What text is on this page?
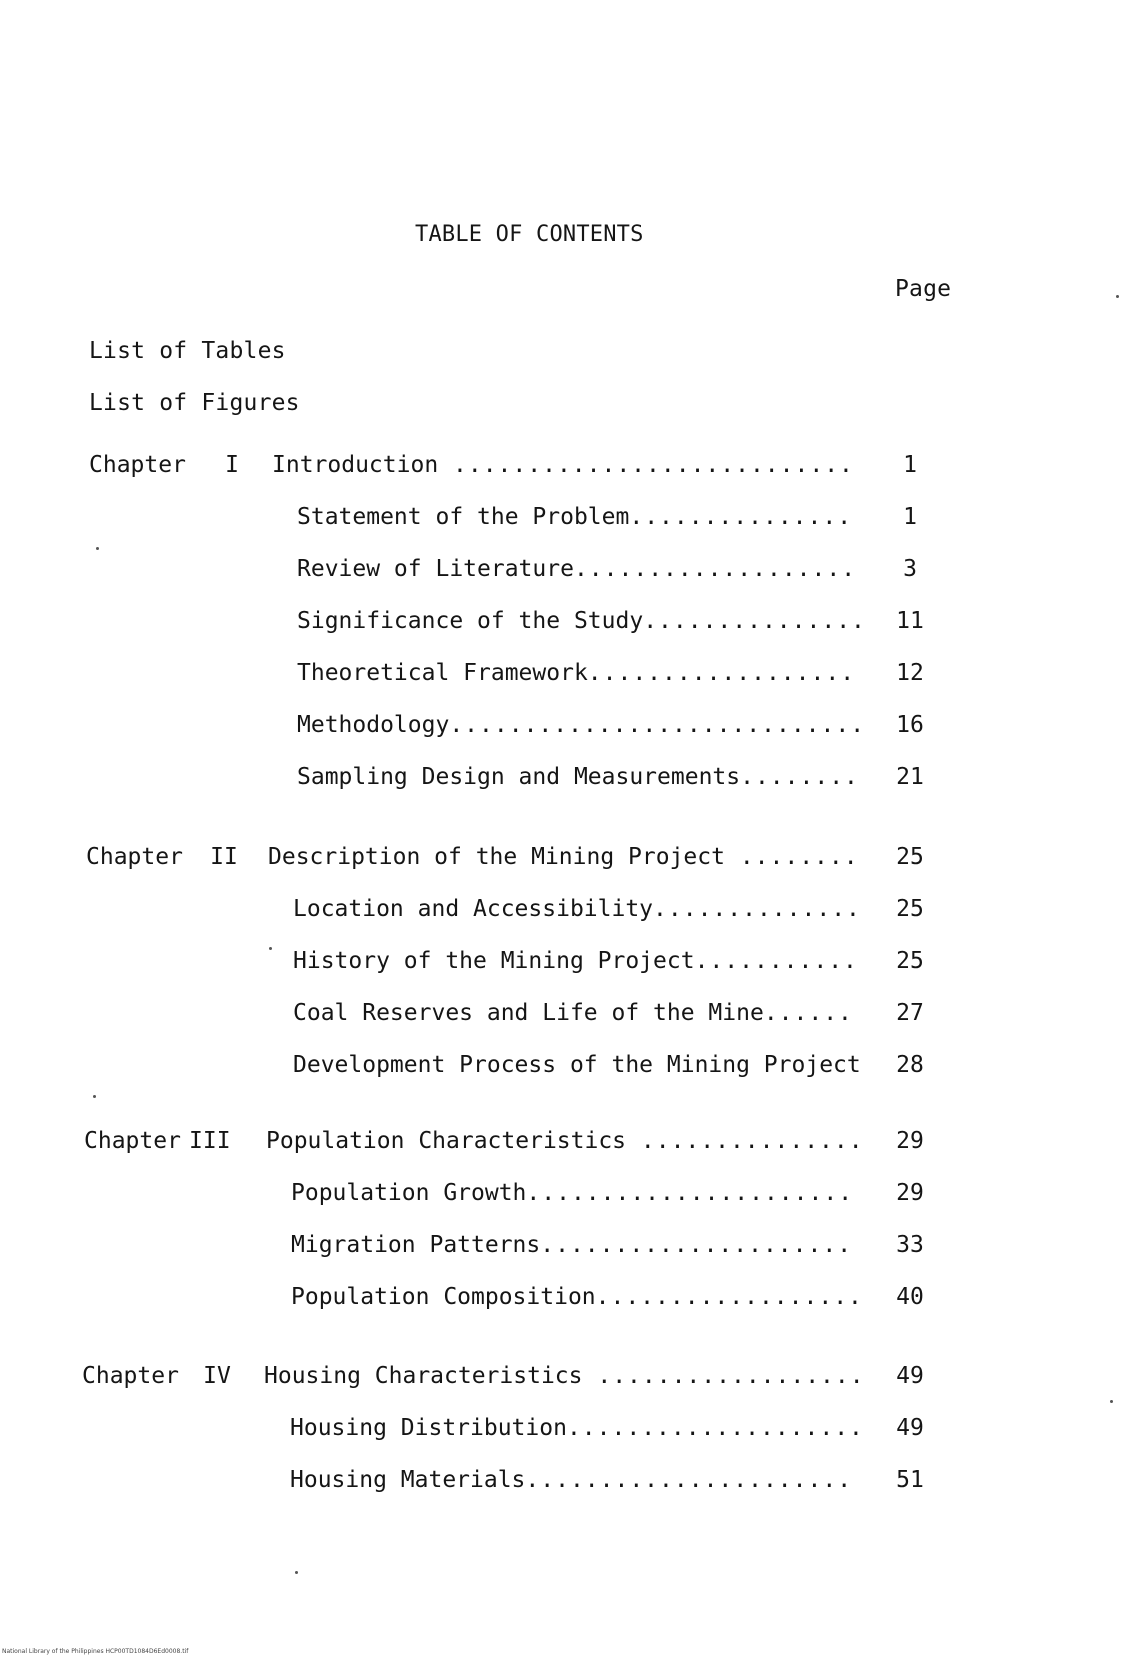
TABLE OF CONTENTS
Page
List of Tables
List of Figures
Chapter	I	Introduction ...........................	1
Statement of the Problem...............	1
Review of Literature...................	3
Significance of the Study............... 11
Theoretical Framework..................	12
Methodology............................ 16
Sampling Design and Measurements........	21
Chapter II Description of the Mining Project ........	25
Location and Accessibility..............	25
History of the Mining Project...........	25
Coal Reserves and Life of the Mine......	27
Development Process of the Mining Project	28
Chapter III Population Characteristics ............... 29
Population Growth......................	29
Migration Patterns.....................	33
Population Composition.................. 40
Chapter IV Housing Characteristics .................. 49
Housing Distribution.................... 49
Housing Materials......................	51
National Library of the Philippines HCP00TD1084D6Ed0008.tif
